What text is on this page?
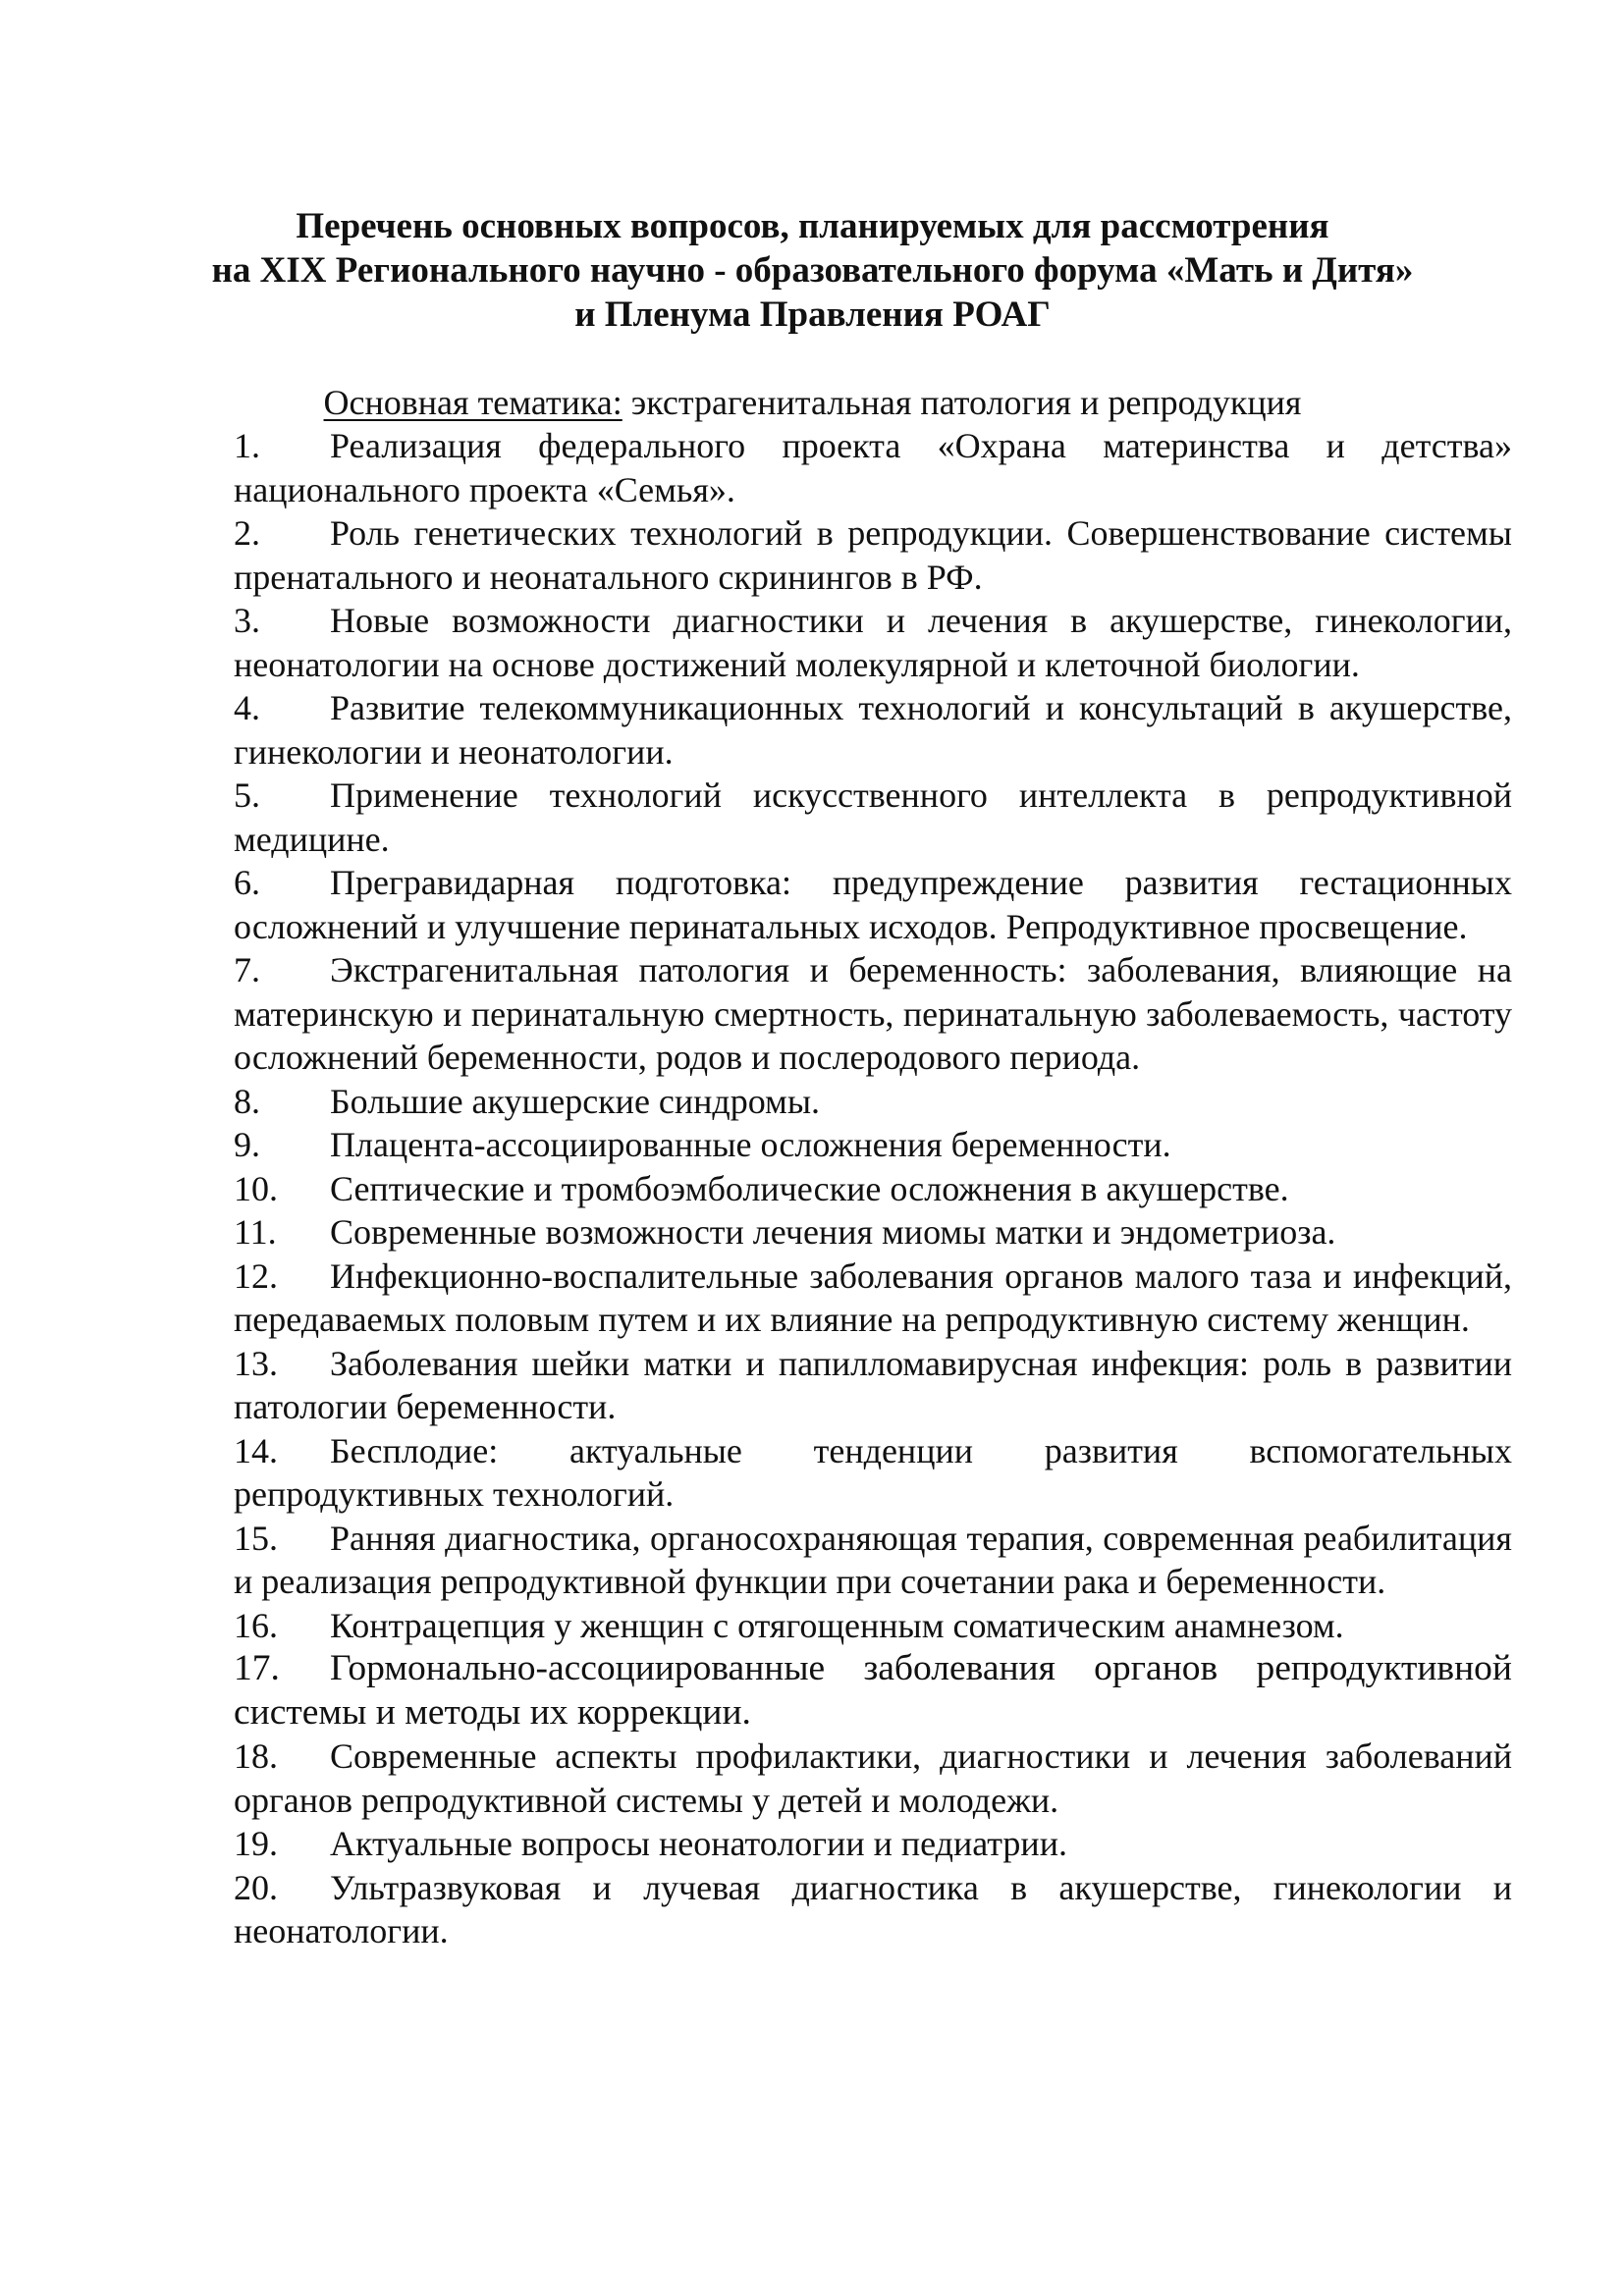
Перечень основных вопросов, планируемых для рассмотрения
на XIX Регионального научно - образовательного форума «Мать и Дитя»
и Пленума Правления РОАГ
Основная тематика: экстрагенитальная патология и репродукция
1. Реализация федерального проекта «Охрана материнства и детства» национального проекта «Семья».
2. Роль генетических технологий в репродукции. Совершенствование системы пренатального и неонатального скринингов в РФ.
3. Новые возможности диагностики и лечения в акушерстве, гинекологии, неонатологии на основе достижений молекулярной и клеточной биологии.
4. Развитие телекоммуникационных технологий и консультаций в акушерстве, гинекологии и неонатологии.
5. Применение технологий искусственного интеллекта в репродуктивной медицине.
6. Прегравидарная подготовка: предупреждение развития гестационных осложнений и улучшение перинатальных исходов. Репродуктивное просвещение.
7. Экстрагенитальная патология и беременность: заболевания, влияющие на материнскую и перинатальную смертность, перинатальную заболеваемость, частоту осложнений беременности, родов и послеродового периода.
8. Большие акушерские синдромы.
9. Плацента-ассоциированные осложнения беременности.
10. Септические и тромбоэмболические осложнения в акушерстве.
11. Современные возможности лечения миомы матки и эндометриоза.
12. Инфекционно-воспалительные заболевания органов малого таза и инфекций, передаваемых половым путем и их влияние на репродуктивную систему женщин.
13. Заболевания шейки матки и папилломавирусная инфекция: роль в развитии патологии беременности.
14. Бесплодие: актуальные тенденции развития вспомогательных репродуктивных технологий.
15. Ранняя диагностика, органосохраняющая терапия, современная реабилитация и реализация репродуктивной функции при сочетании рака и беременности.
16. Контрацепция у женщин с отягощенным соматическим анамнезом.
17. Гормонально-ассоциированные заболевания органов репродуктивной системы и методы их коррекции.
18. Современные аспекты профилактики, диагностики и лечения заболеваний органов репродуктивной системы у детей и молодежи.
19. Актуальные вопросы неонатологии и педиатрии.
20. Ультразвуковая и лучевая диагностика в акушерстве, гинекологии и неонатологии.
